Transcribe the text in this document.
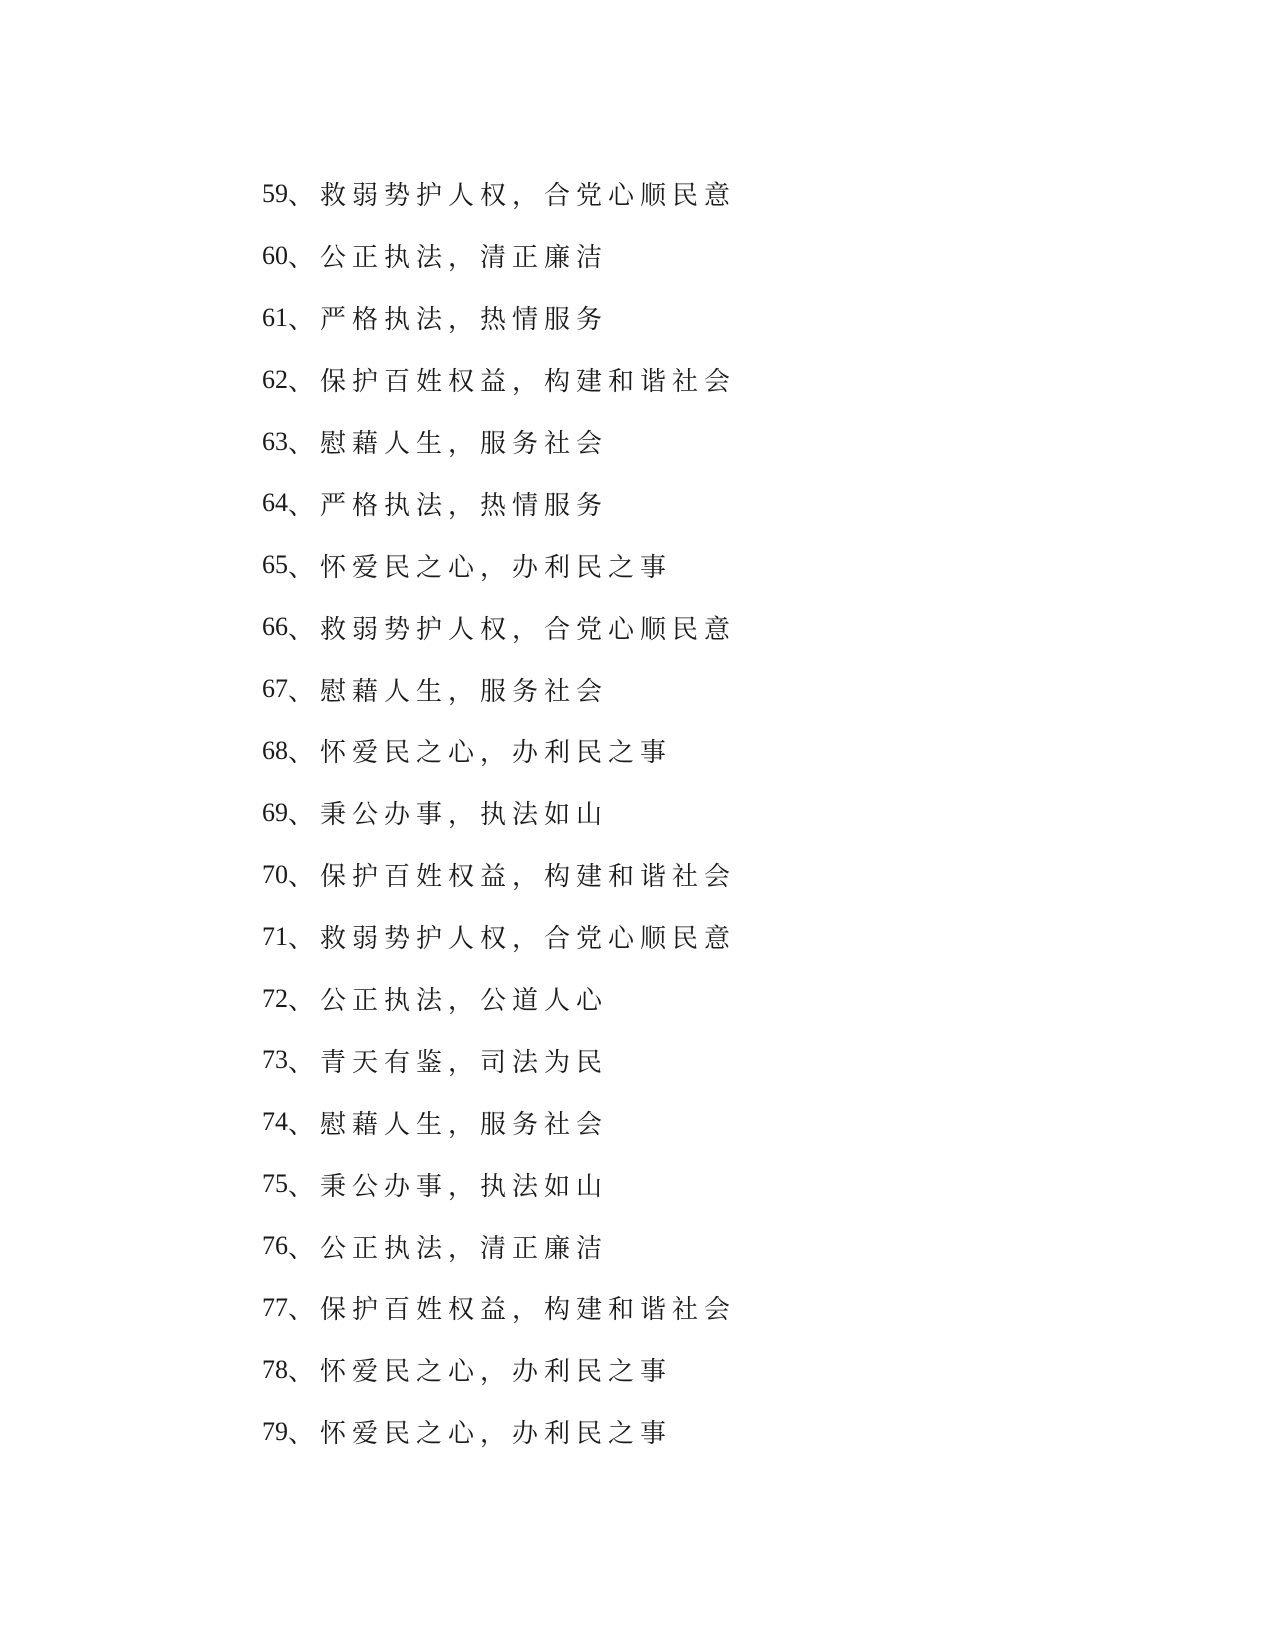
59 、救弱势护人权，合党心顺民意
60 、公正执法，清正廉洁
61 、严格执法，热情服务
62 、保护百姓权益，构建和谐社会
63 、慰藉人生，服务社会
64 、严格执法，热情服务
65 、怀爱民之心，办利民之事
66 、救弱势护人权，合党心顺民意
67 、慰藉人生，服务社会
68 、怀爱民之心，办利民之事
69 、秉公办事，执法如山
70 、保护百姓权益，构建和谐社会
71 、救弱势护人权，合党心顺民意
72 、公正执法，公道人心
73 、青天有鉴，司法为民
74 、慰藉人生，服务社会
75 、秉公办事，执法如山
76 、公正执法，清正廉洁
77 、保护百姓权益，构建和谐社会
78 、怀爱民之心，办利民之事
79 、怀爱民之心，办利民之事
